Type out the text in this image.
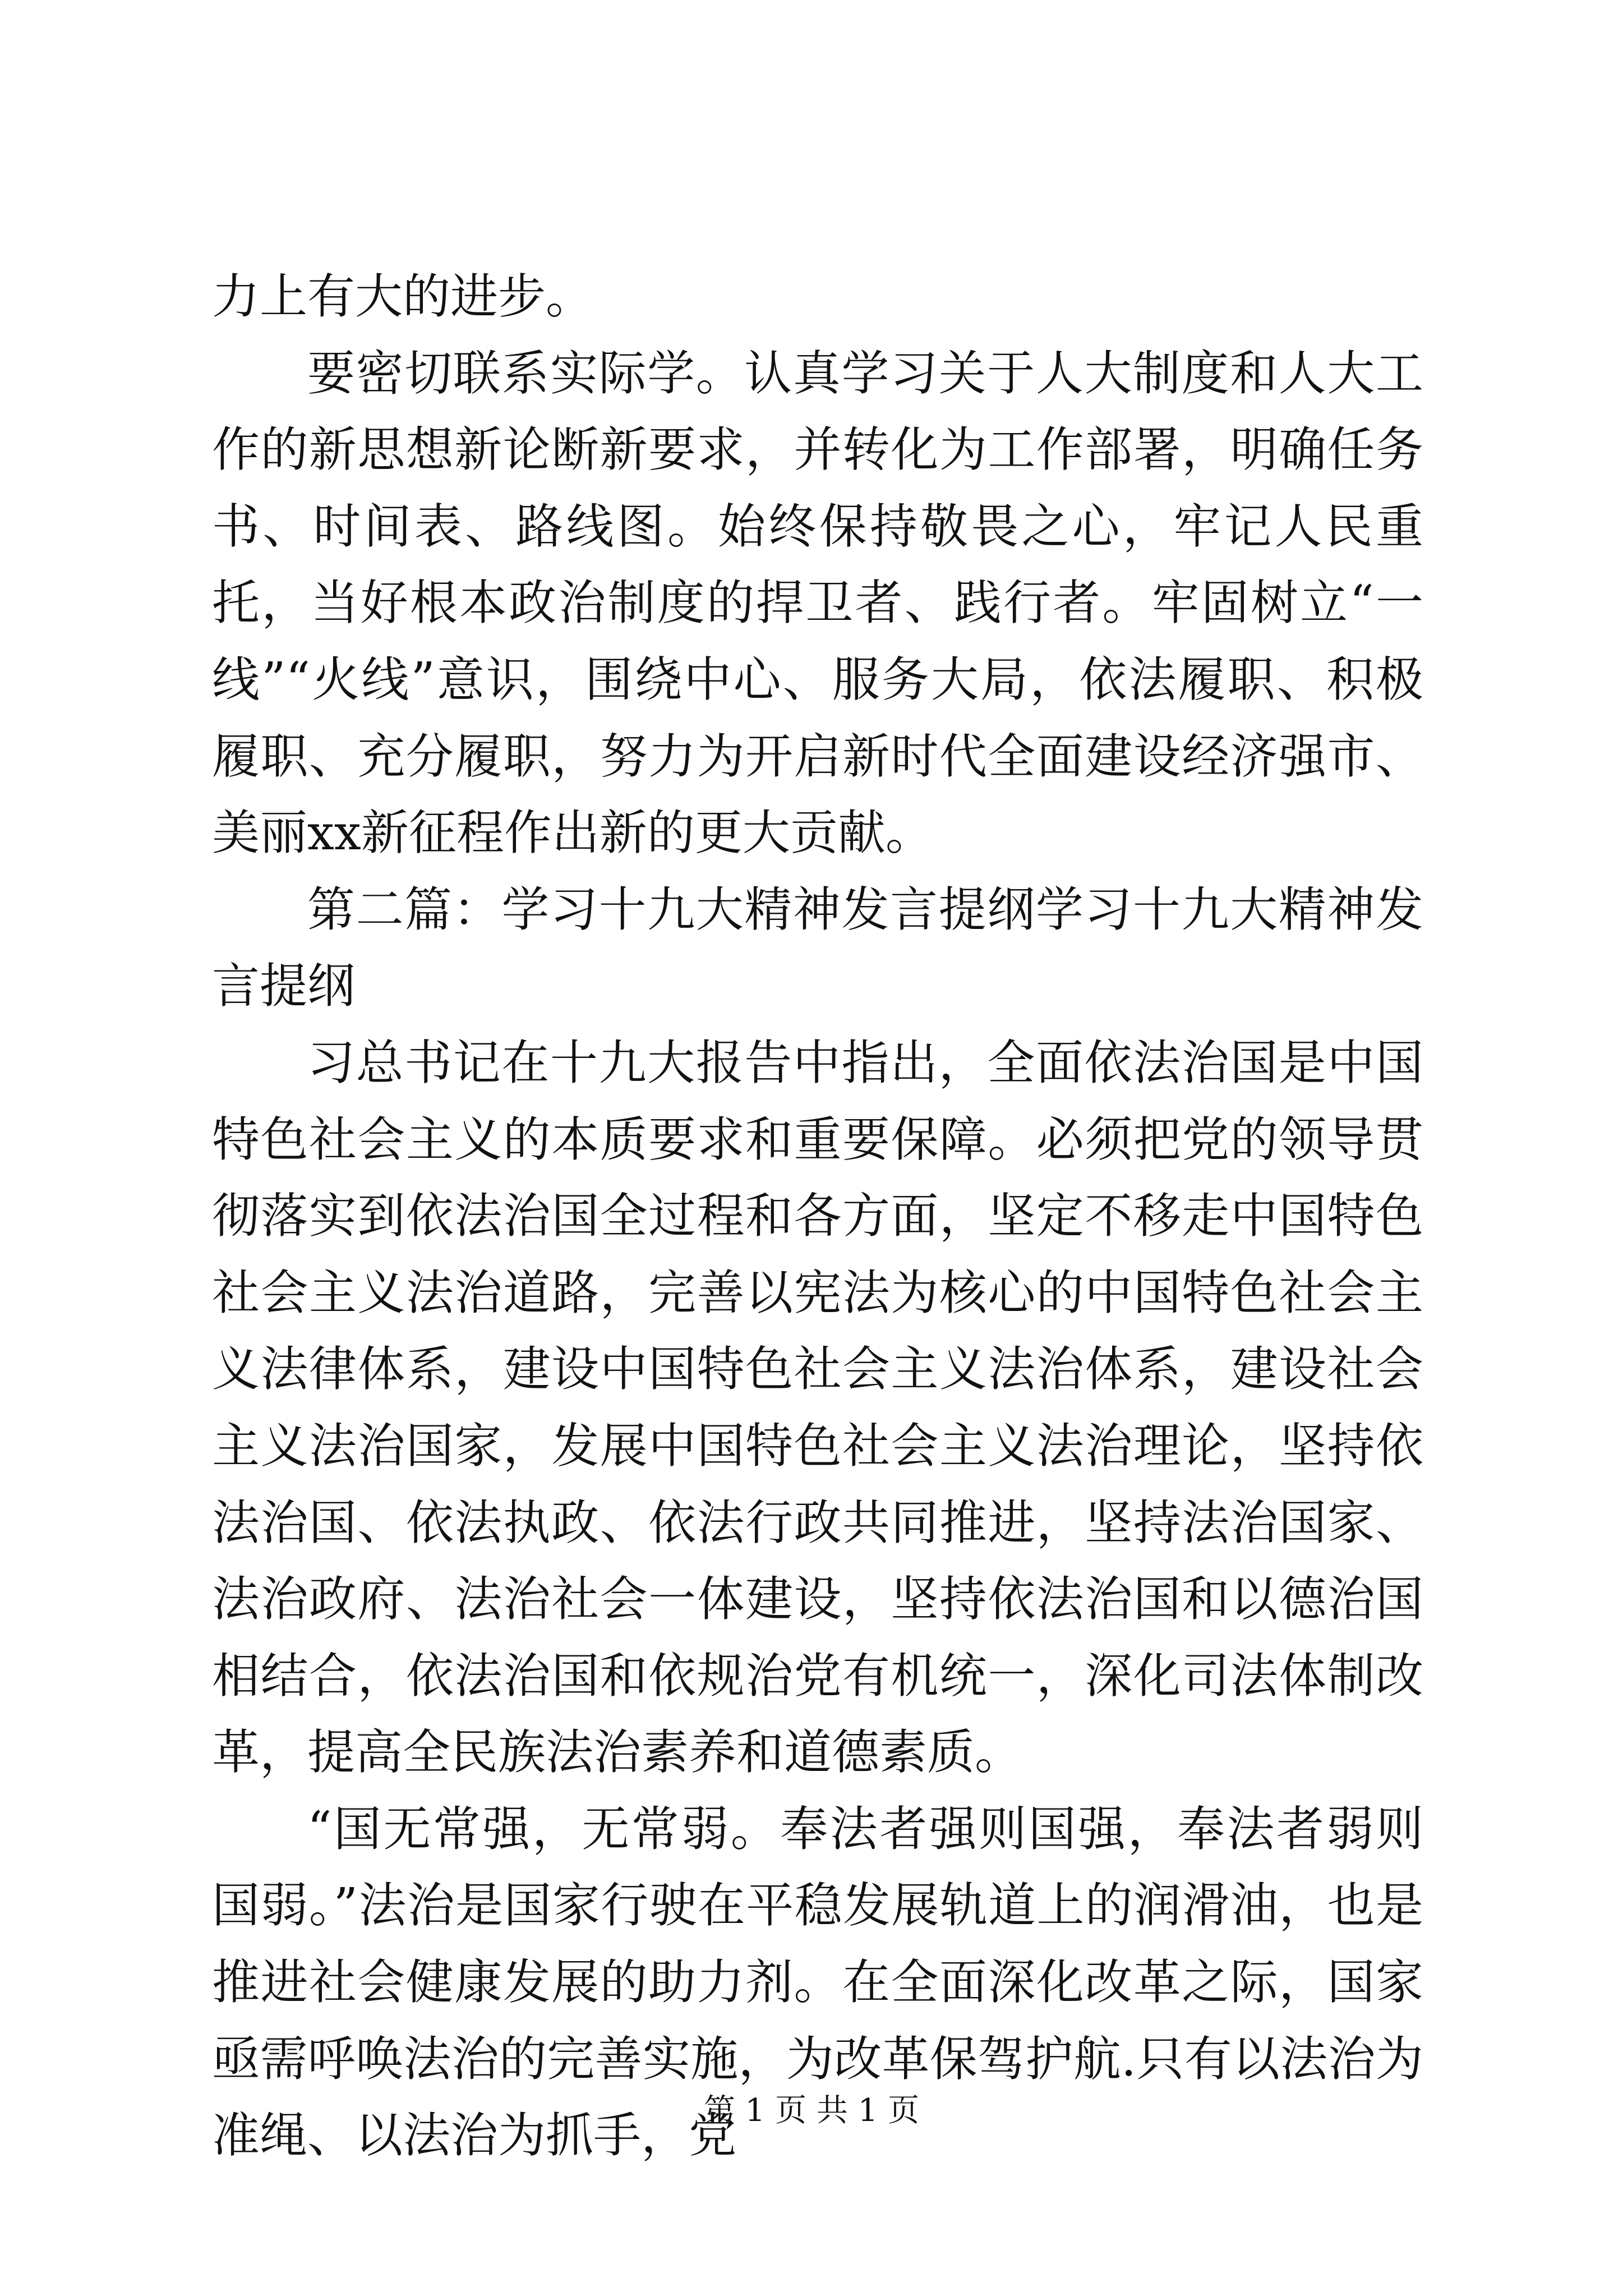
力上有大的进步。

要密切联系实际学。认真学习关于人大制度和人大工作的新思想新论断新要求，并转化为工作部署，明确任务书、时间表、路线图。始终保持敬畏之心，牢记人民重托，当好根本政治制度的捍卫者、践行者。牢固树立“一线”“火线”意识，围绕中心、服务大局，依法履职、积极履职、充分履职，努力为开启新时代全面建设经济强市、美丽xx新征程作出新的更大贡献。

第二篇：学习十九大精神发言提纲学习十九大精神发言提纲

习总书记在十九大报告中指出，全面依法治国是中国特色社会主义的本质要求和重要保障。必须把党的领导贯彻落实到依法治国全过程和各方面，坚定不移走中国特色社会主义法治道路，完善以宪法为核心的中国特色社会主义法律体系，建设中国特色社会主义法治体系，建设社会主义法治国家，发展中国特色社会主义法治理论，坚持依法治国、依法执政、依法行政共同推进，坚持法治国家、法治政府、法治社会一体建设，坚持依法治国和以德治国相结合，依法治国和依规治党有机统一，深化司法体制改革，提高全民族法治素养和道德素质。

“国无常强，无常弱。奉法者强则国强，奉法者弱则国弱。”法治是国家行驶在平稳发展轨道上的润滑油，也是推进社会健康发展的助力剂。在全面深化改革之际，国家亟需呼唤法治的完善实施，为改革保驾护航.只有以法治为准绳、以法治为抓手，党

第 1 页 共 1 页
